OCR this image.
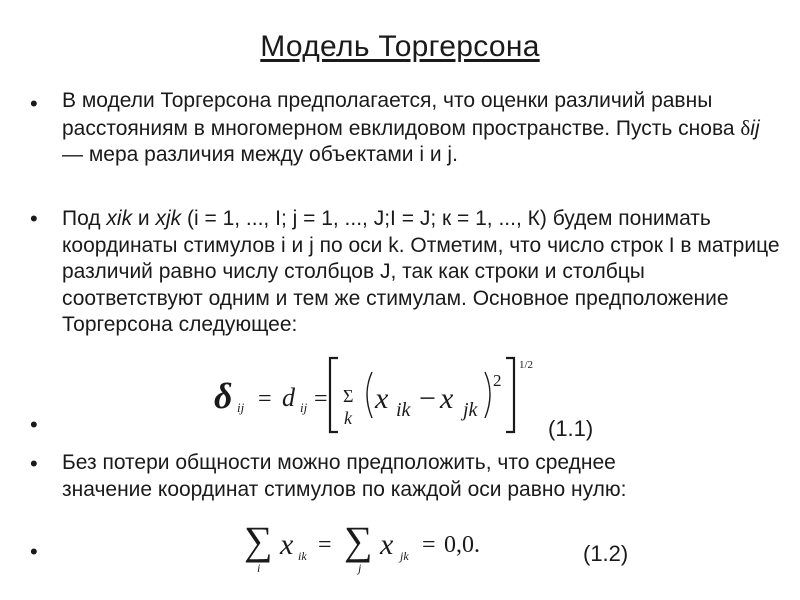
Модель Торгерсона
•
•
•
•
•
В модели Торгерсона предполагается, что оценки различий равны расстояниям в многомерном евклидовом пространстве. Пусть снова δij — мера различия между объектами i и j.
Под xik и xjk (i = 1, ..., I; j = 1, ..., J;I = J; к = 1, ..., К) будем понимать координаты стимулов i и j по оси k. Отметим, что число строк I в матрице различий равно числу столбцов J, так как строки и столбцы соответствуют одним и тем же стимулам. Основное предположение Торгерсона следующее:
δ ij = d ij = Σ
k
x ik − x jk
2
1/2
(1.1)
Без потери общности можно предположить, что среднее значение координат стимулов по каждой оси равно нулю:
∑
i
x ik = ∑
j
x jk = 0,0.	(1.2)
